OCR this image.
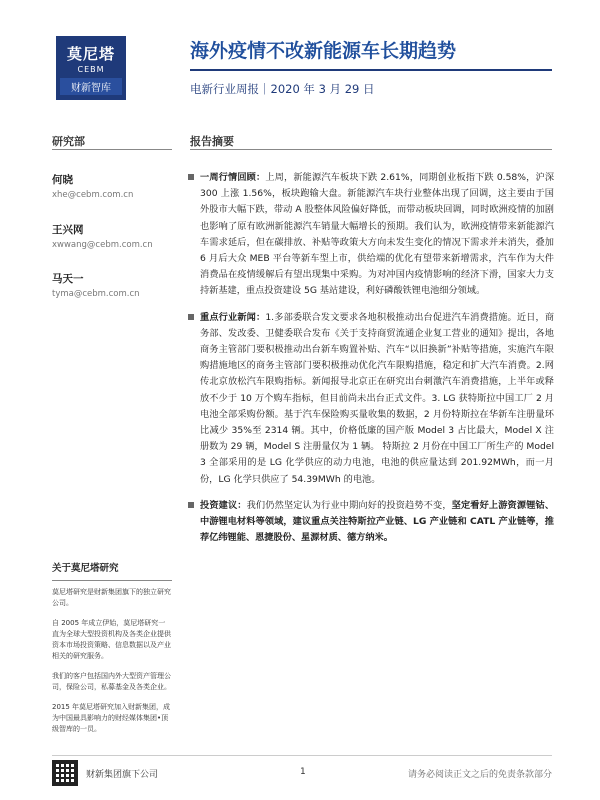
莫尼塔
CEBM
财新智库
海外疫情不改新能源车长期趋势
电新行业周报｜2020 年 3 月 29 日
研究部	报告摘要
何晓
xhe@cebm.com.cn
王兴网
xwwang@cebm.com.cn
马天一
tyma@cebm.com.cn
关于莫尼塔研究

莫尼塔研究是财新集团旗下的独立研究公司。

自 2005 年成立伊始，莫尼塔研究一直为全球大型投资机构及各类企业提供资本市场投资策略、信息数据以及产业相关的研究服务。

我们的客户包括国内外大型资产管理公司，保险公司，私募基金及各类企业。

2015 年莫尼塔研究加入财新集团，成为中国最具影响力的财经媒体集团•顶级智库的一员。

一周行情回顾：上周，新能源汽车板块下跌 2.61%，同期创业板指下跌 0.58%，沪深 300 上涨 1.56%，板块跑输大盘。新能源汽车块行业整体出现了回调，这主要由于国外股市大幅下跌，带动 A 股整体风险偏好降低，而带动板块回调，同时欧洲疫情的加剧也影响了原有欧洲新能源汽车销量大幅增长的预期。我们认为，欧洲疫情带来新能源汽车需求延后，但在碳排放、补贴等政策大方向未发生变化的情况下需求并未消失，叠加 6 月后大众 MEB 平台等新车型上市，供给端的优化有望带来新增需求，汽车作为大件消费品在疫情缓解后有望出现集中采购。为对冲国内疫情影响的经济下滑，国家大力支持新基建，重点投资建设 5G 基站建设，利好磷酸铁锂电池细分领域。

重点行业新闻：1.多部委联合发文要求各地积极推动出台促进汽车消费措施。近日，商务部、发改委、卫健委联合发布《关于支持商贸流通企业复工营业的通知》提出，各地商务主管部门要积极推动出台新车购置补贴、汽车“以旧换新”补贴等措施，实施汽车限购措施地区的商务主管部门要积极推动优化汽车限购措施，稳定和扩大汽车消费。2.网传北京放松汽车限购指标。新闻报导北京正在研究出台刺激汽车消费措施，上半年或释放不少于 10 万个购车指标，但目前尚未出台正式文件。3. LG 获特斯拉中国工厂 2 月电池全部采购份额。基于汽车保险购买量收集的数据，2 月份特斯拉在华新车注册量环比减少 35%至 2314 辆。其中，价格低廉的国产版 Model 3 占比最大，Model X 注册数为 29 辆，Model S 注册量仅为 1 辆。 特斯拉 2 月份在中国工厂所生产的 Model 3 全部采用的是 LG 化学供应的动力电池，电池的供应量达到 201.92MWh，而一月份，LG 化学只供应了 54.39MWh 的电池。

投资建议：我们仍然坚定认为行业中期向好的投资趋势不变，坚定看好上游资源锂钴、中游锂电材料等领域，建议重点关注特斯拉产业链、LG 产业链和 CATL 产业链等，推荐亿纬锂能、恩捷股份、星源材质、德方纳米。

财新集团旗下公司	1	请务必阅读正文之后的免责条款部分
